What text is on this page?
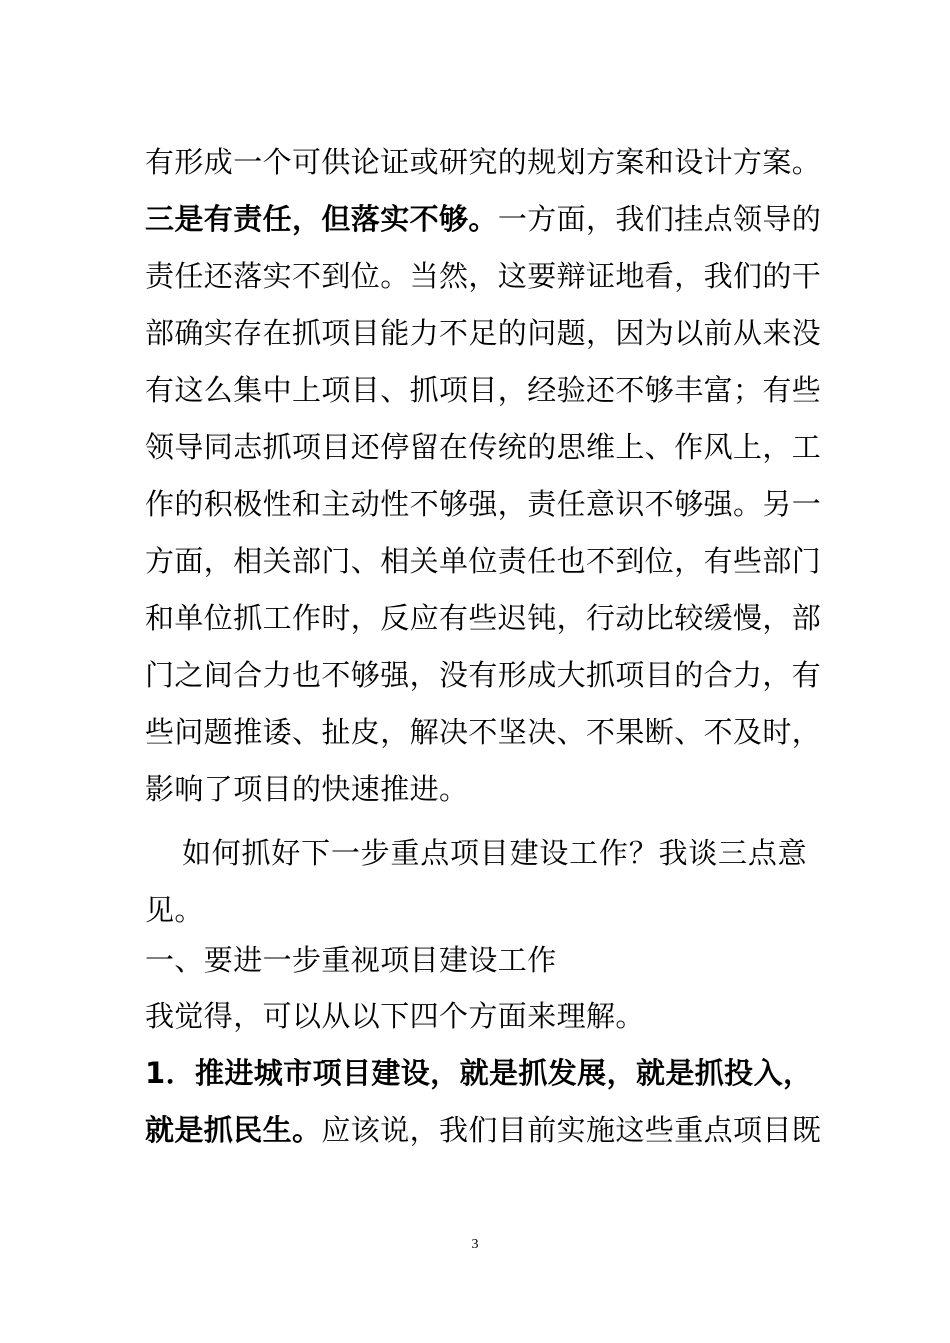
有形成一个可供论证或研究的规划方案和设计方案。
三是有责任，但落实不够。一方面，我们挂点领导的
责任还落实不到位。当然，这要辩证地看，我们的干
部确实存在抓项目能力不足的问题，因为以前从来没
有这么集中上项目、抓项目，经验还不够丰富；有些
领导同志抓项目还停留在传统的思维上、作风上，工
作的积极性和主动性不够强，责任意识不够强。另一
方面，相关部门、相关单位责任也不到位，有些部门
和单位抓工作时，反应有些迟钝，行动比较缓慢，部
门之间合力也不够强，没有形成大抓项目的合力，有
些问题推诿、扯皮，解决不坚决、不果断、不及时，
影响了项目的快速推进。
如何抓好下一步重点项目建设工作？我谈三点意
见。
一、要进一步重视项目建设工作
我觉得，可以从以下四个方面来理解。
1．推进城市项目建设，就是抓发展，就是抓投入，
就是抓民生。应该说，我们目前实施这些重点项目既
3
